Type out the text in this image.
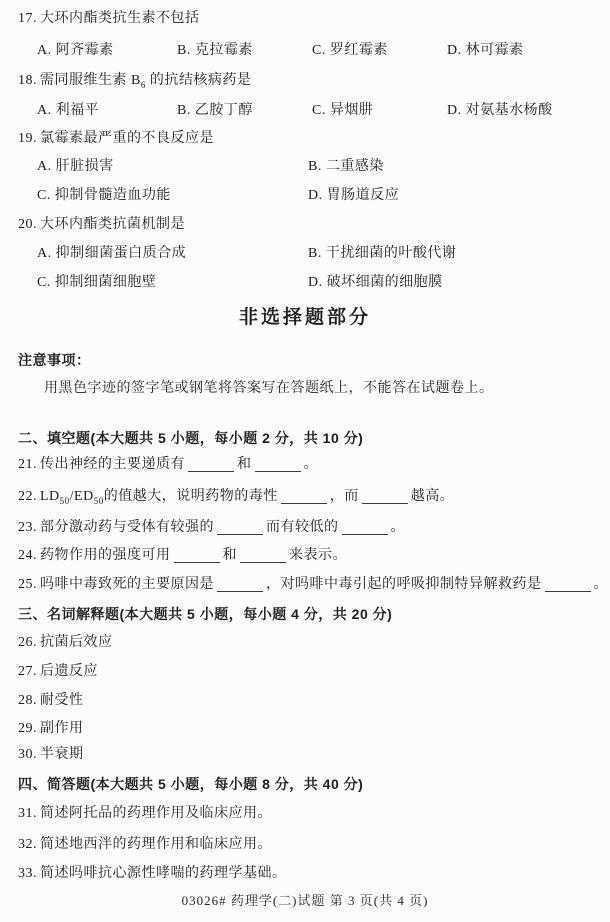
17. 大环内酯类抗生素不包括
A. 阿齐霉素	B. 克拉霉素	C. 罗红霉素	D. 林可霉素
18. 需同服维生素 $B_6$ 的抗结核病药是
A. 利福平	B. 乙胺丁醇	C. 异烟肼	D. 对氨基水杨酸
19. 氯霉素最严重的不良反应是
A. 肝脏损害	B. 二重感染
C. 抑制骨髓造血功能	D. 胃肠道反应
20. 大环内酯类抗菌机制是
A. 抑制细菌蛋白质合成	B. 干扰细菌的叶酸代谢
C. 抑制细菌细胞壁	D. 破坏细菌的细胞膜
非选择题部分
注意事项：
用黑色字迹的签字笔或钢笔将答案写在答题纸上，不能答在试题卷上。
二、填空题(本大题共 5 小题，每小题 2 分，共 10 分)
21. 传出神经的主要递质有	和	。
22. $LD_{50}/ED_{50}$的值越大，说明药物的毒性	，而	越高。
23. 部分激动药与受体有较强的	而有较低的	。
24. 药物作用的强度可用	和	来表示。
25. 吗啡中毒致死的主要原因是	，对吗啡中毒引起的呼吸抑制特异解救药是	。
三、名词解释题(本大题共 5 小题，每小题 4 分，共 20 分)
26. 抗菌后效应
27. 后遗反应
28. 耐受性
29. 副作用
30. 半衰期
四、简答题(本大题共 5 小题，每小题 8 分，共 40 分)
31. 简述阿托品的药理作用及临床应用。
32. 简述地西泮的药理作用和临床应用。
33. 简述吗啡抗心源性哮喘的药理学基础。
03026# 药理学(二)试题 第 3 页(共 4 页)
